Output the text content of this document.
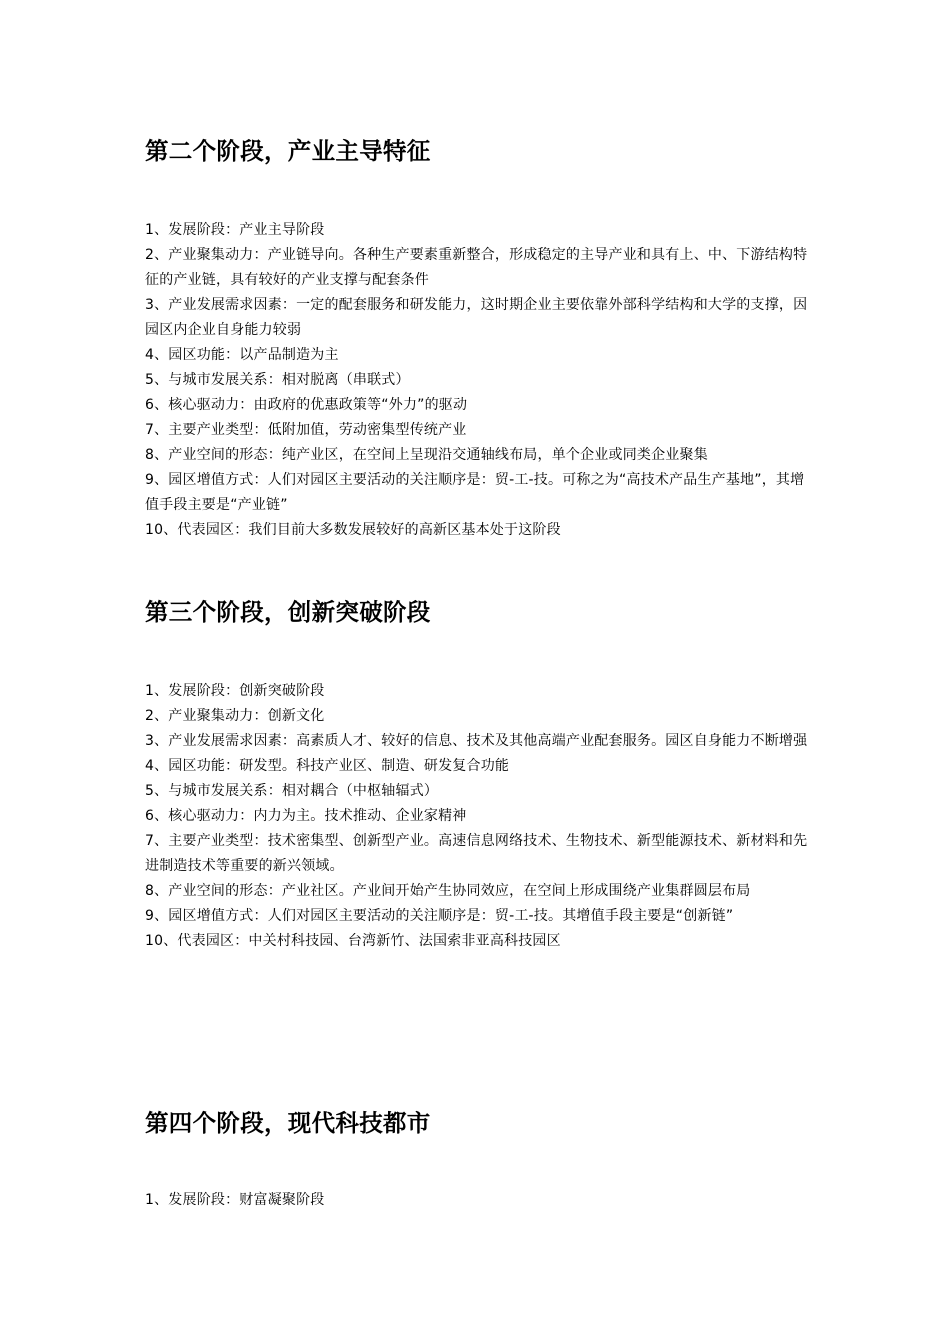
第二个阶段，产业主导特征
1、发展阶段：产业主导阶段
2、产业聚集动力：产业链导向。各种生产要素重新整合，形成稳定的主导产业和具有上、中、下游结构特征的产业链，具有较好的产业支撑与配套条件
3、产业发展需求因素：一定的配套服务和研发能力，这时期企业主要依靠外部科学结构和大学的支撑，因园区内企业自身能力较弱
4、园区功能：以产品制造为主
5、与城市发展关系：相对脱离（串联式）
6、核心驱动力：由政府的优惠政策等“外力”的驱动
7、主要产业类型：低附加值，劳动密集型传统产业
8、产业空间的形态：纯产业区，在空间上呈现沿交通轴线布局，单个企业或同类企业聚集
9、园区增值方式：人们对园区主要活动的关注顺序是：贸-工-技。可称之为“高技术产品生产基地”，其增值手段主要是“产业链”
10、代表园区：我们目前大多数发展较好的高新区基本处于这阶段
第三个阶段，创新突破阶段
1、发展阶段：创新突破阶段
2、产业聚集动力：创新文化
3、产业发展需求因素：高素质人才、较好的信息、技术及其他高端产业配套服务。园区自身能力不断增强
4、园区功能：研发型。科技产业区、制造、研发复合功能
5、与城市发展关系：相对耦合（中枢轴辐式）
6、核心驱动力：内力为主。技术推动、企业家精神
7、主要产业类型：技术密集型、创新型产业。高速信息网络技术、生物技术、新型能源技术、新材料和先进制造技术等重要的新兴领域。
8、产业空间的形态：产业社区。产业间开始产生协同效应，在空间上形成围绕产业集群圆层布局
9、园区增值方式：人们对园区主要活动的关注顺序是：贸-工-技。其增值手段主要是“创新链”
10、代表园区：中关村科技园、台湾新竹、法国索非亚高科技园区
第四个阶段，现代科技都市
1、发展阶段：财富凝聚阶段
